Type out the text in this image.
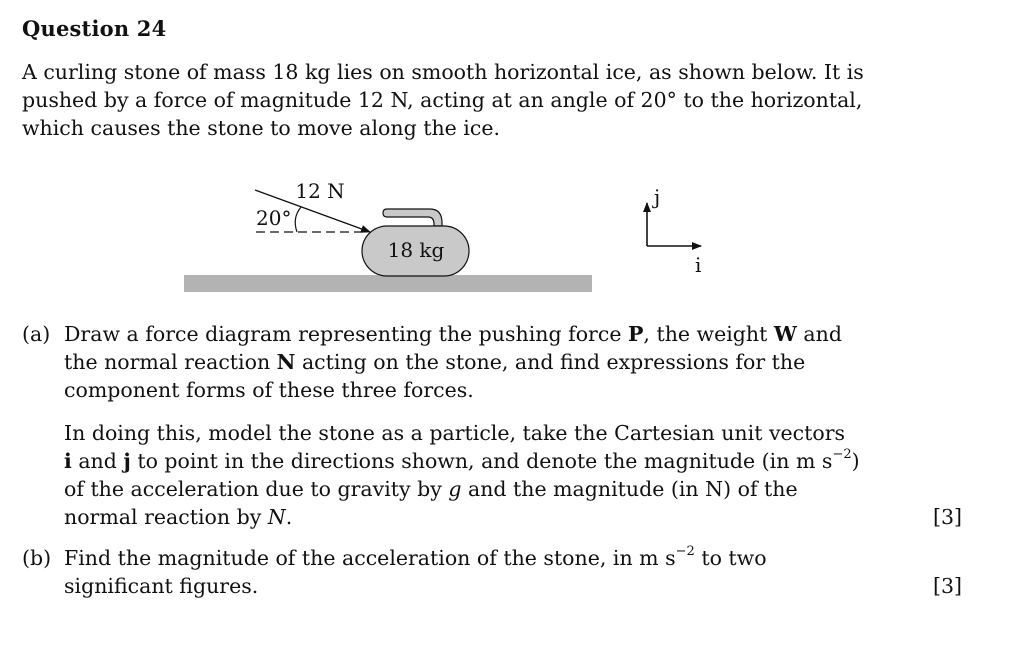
Question 24
A curling stone of mass 18 kg lies on smooth horizontal ice, as shown below. It is
pushed by a force of magnitude 12 N, acting at an angle of 20° to the horizontal,
which causes the stone to move along the ice.
18 kg
12 N
20°
j
i
(a) Draw a force diagram representing the pushing force P, the weight W and
the normal reaction N acting on the stone, and find expressions for the
component forms of these three forces.
In doing this, model the stone as a particle, take the Cartesian unit vectors
i and j to point in the directions shown, and denote the magnitude (in m $s^{-2}$)
of the acceleration due to gravity by g and the magnitude (in N) of the
normal reaction by N.	[3]
(b) Find the magnitude of the acceleration of the stone, in m $s^{-2}$ to two
significant figures.	[3]
